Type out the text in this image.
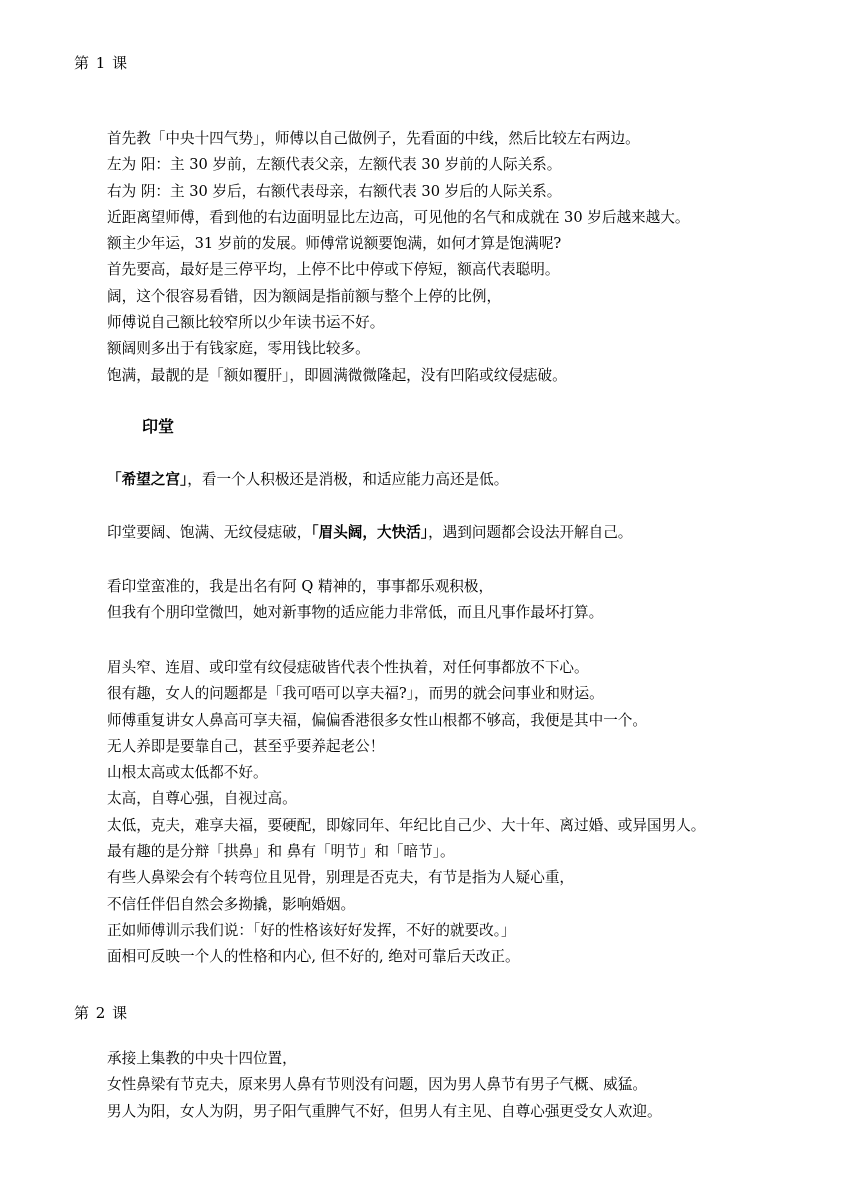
第 1 课
首先教「中央十四气势」，师傅以自己做例子，先看面的中线，然后比较左右两边。
左为 阳：主 30 岁前，左额代表父亲，左额代表 30 岁前的人际关系。
右为 阴：主 30 岁后，右额代表母亲，右额代表 30 岁后的人际关系。
近距离望师傅，看到他的右边面明显比左边高，可见他的名气和成就在 30 岁后越来越大。
额主少年运，31 岁前的发展。师傅常说额要饱满，如何才算是饱满呢?
首先要高，最好是三停平均，上停不比中停或下停短，额高代表聪明。
阔，这个很容易看错，因为额阔是指前额与整个上停的比例，
师傅说自己额比较窄所以少年读书运不好。
额阔则多出于有钱家庭，零用钱比较多。
饱满，最靓的是「额如覆肝」，即圆满微微隆起，没有凹陷或纹侵痣破。
印堂
「希望之宫」，看一个人积极还是消极，和适应能力高还是低。
印堂要阔、饱满、无纹侵痣破，「眉头阔，大快活」，遇到问题都会设法开解自己。
看印堂蛮准的，我是出名有阿 Q 精神的，事事都乐观积极，
但我有个朋印堂微凹，她对新事物的适应能力非常低，而且凡事作最坏打算。
眉头窄、连眉、或印堂有纹侵痣破皆代表个性执着，对任何事都放不下心。
很有趣，女人的问题都是「我可唔可以享夫福?」，而男的就会问事业和财运。
师傅重复讲女人鼻高可享夫福，偏偏香港很多女性山根都不够高，我便是其中一个。
无人养即是要靠自己，甚至乎要养起老公！
山根太高或太低都不好。
太高，自尊心强，自视过高。
太低，克夫，难享夫福，要硬配，即嫁同年、年纪比自己少、大十年、离过婚、或异国男人。
最有趣的是分辩「拱鼻」和 鼻有「明节」和「暗节」。
有些人鼻梁会有个转弯位且见骨，别理是否克夫，有节是指为人疑心重，
不信任伴侣自然会多拗撬，影响婚姻。
正如师傅训示我们说：「好的性格该好好发挥，不好的就要改。」
面相可反映一个人的性格和内心, 但不好的, 绝对可靠后天改正。
第 2 课
承接上集教的中央十四位置，
女性鼻梁有节克夫，原来男人鼻有节则没有问题，因为男人鼻节有男子气概、威猛。
男人为阳，女人为阴，男子阳气重脾气不好，但男人有主见、自尊心强更受女人欢迎。
